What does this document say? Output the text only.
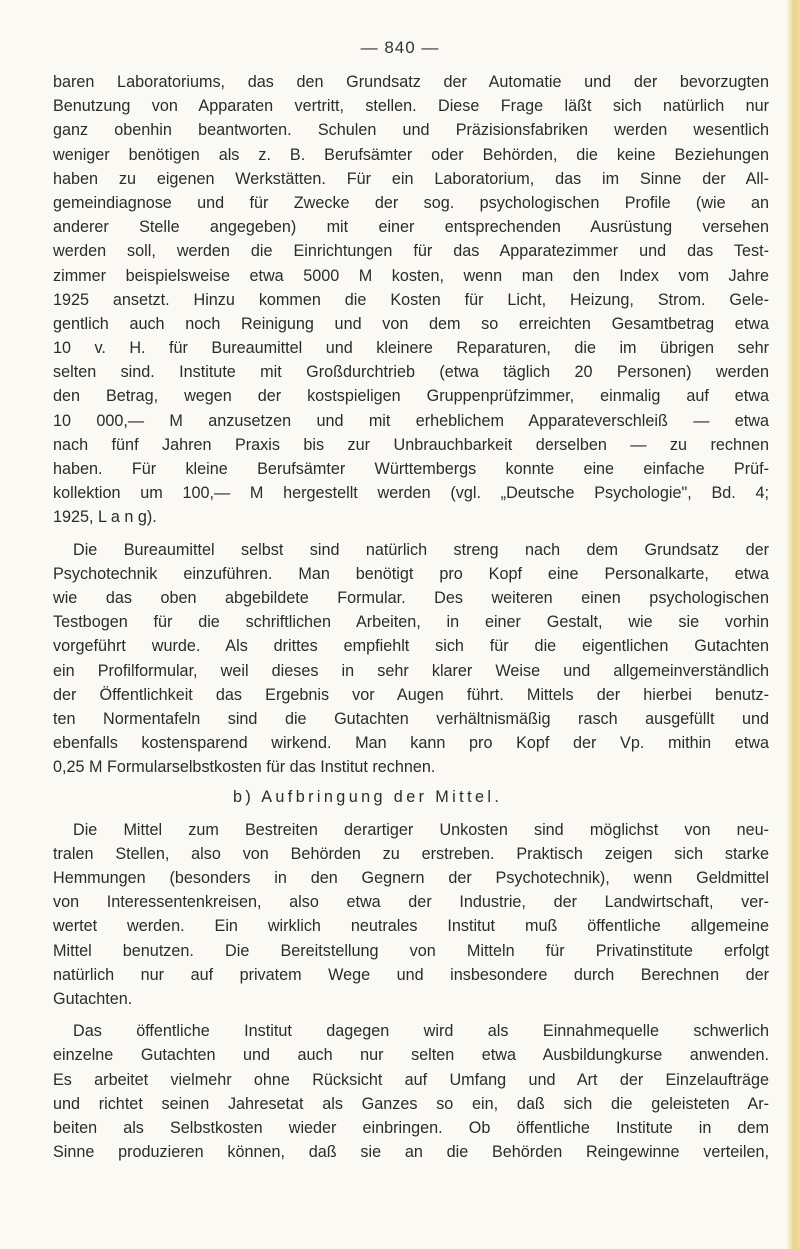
— 840 —
baren Laboratoriums, das den Grundsatz der Automatie und der bevorzugten
Benutzung von Apparaten vertritt, stellen. Diese Frage läßt sich natürlich nur
ganz obenhin beantworten. Schulen und Präzisionsfabriken werden wesentlich
weniger benötigen als z. B. Berufsämter oder Behörden, die keine Beziehungen
haben zu eigenen Werkstätten. Für ein Laboratorium, das im Sinne der All-
gemeindiagnose und für Zwecke der sog. psychologischen Profile (wie an
anderer Stelle angegeben) mit einer entsprechenden Ausrüstung versehen
werden soll, werden die Einrichtungen für das Apparatezimmer und das Test-
zimmer beispielsweise etwa 5000 M kosten, wenn man den Index vom Jahre
1925 ansetzt. Hinzu kommen die Kosten für Licht, Heizung, Strom. Gele-
gentlich auch noch Reinigung und von dem so erreichten Gesamtbetrag etwa
10 v. H. für Bureaumittel und kleinere Reparaturen, die im übrigen sehr
selten sind. Institute mit Großdurchtrieb (etwa täglich 20 Personen) werden
den Betrag, wegen der kostspieligen Gruppenprüfzimmer, einmalig auf etwa
10 000,— M anzusetzen und mit erheblichem Apparateverschleiß — etwa
nach fünf Jahren Praxis bis zur Unbrauchbarkeit derselben — zu rechnen
haben. Für kleine Berufsämter Württembergs konnte eine einfache Prüf-
kollektion um 100,— M hergestellt werden (vgl. „Deutsche Psychologie", Bd. 4;
1925, L a n g).
Die Bureaumittel selbst sind natürlich streng nach dem Grundsatz der
Psychotechnik einzuführen. Man benötigt pro Kopf eine Personalkarte, etwa
wie das oben abgebildete Formular. Des weiteren einen psychologischen
Testbogen für die schriftlichen Arbeiten, in einer Gestalt, wie sie vorhin
vorgeführt wurde. Als drittes empfiehlt sich für die eigentlichen Gutachten
ein Profilformular, weil dieses in sehr klarer Weise und allgemeinverständlich
der Öffentlichkeit das Ergebnis vor Augen führt. Mittels der hierbei benutz-
ten Normentafeln sind die Gutachten verhältnismäßig rasch ausgefüllt und
ebenfalls kostensparend wirkend. Man kann pro Kopf der Vp. mithin etwa
0,25 M Formularselbstkosten für das Institut rechnen.
b) Aufbringung der Mittel.
Die Mittel zum Bestreiten derartiger Unkosten sind möglichst von neu-
tralen Stellen, also von Behörden zu erstreben. Praktisch zeigen sich starke
Hemmungen (besonders in den Gegnern der Psychotechnik), wenn Geldmittel
von Interessentenkreisen, also etwa der Industrie, der Landwirtschaft, ver-
wertet werden. Ein wirklich neutrales Institut muß öffentliche allgemeine
Mittel benutzen. Die Bereitstellung von Mitteln für Privatinstitute erfolgt
natürlich nur auf privatem Wege und insbesondere durch Berechnen der
Gutachten.
Das öffentliche Institut dagegen wird als Einnahmequelle schwerlich
einzelne Gutachten und auch nur selten etwa Ausbildungkurse anwenden.
Es arbeitet vielmehr ohne Rücksicht auf Umfang und Art der Einzelaufträge
und richtet seinen Jahresetat als Ganzes so ein, daß sich die geleisteten Ar-
beiten als Selbstkosten wieder einbringen. Ob öffentliche Institute in dem
Sinne produzieren können, daß sie an die Behörden Reingewinne verteilen,
